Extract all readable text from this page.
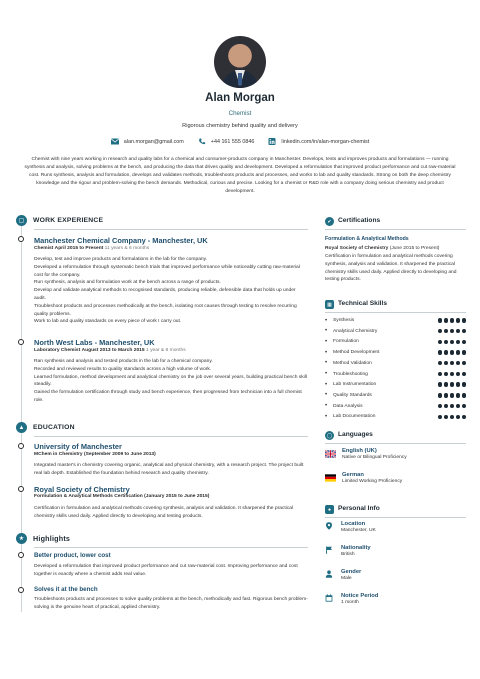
Alan Morgan
Chemist
Rigorous chemistry behind quality and delivery
alan.morgan@gmail.com	+44 161 555 0846	linkedin.com/in/alan-morgan-chemist
Chemist with nine years working in research and quality labs for a chemical and consumer-products company in Manchester. Develops, tests and improves products and formulations — running synthesis and analysis, solving problems at the bench, and producing the data that drives quality and development. Developed a reformulation that improved product performance and cut raw-material cost. Runs synthesis, analysis and formulation, develops and validates methods, troubleshoots products and processes, and works to lab and quality standards. Strong on both the deep chemistry knowledge and the rigour and problem-solving the bench demands. Methodical, curious and precise. Looking for a chemist or R&D role with a company doing serious chemistry and product development.
▢	WORK EXPERIENCE
Manchester Chemical Company - Manchester, UK
Chemist April 2015 to Present 11 years & 6 months
Develop, test and improve products and formulations in the lab for the company.
Developed a reformulation through systematic bench trials that improved performance while noticeably cutting raw-material cost for the company.
Run synthesis, analysis and formulation work at the bench across a range of products.
Develop and validate analytical methods to recognised standards, producing reliable, defensible data that holds up under audit.
Troubleshoot products and processes methodically at the bench, isolating root causes through testing to resolve recurring quality problems.
Work to lab and quality standards on every piece of work I carry out.
North West Labs - Manchester, UK
Laboratory Chemist August 2013 to March 2015 1 year & 8 months
Ran synthesis and analysis and tested products in the lab for a chemical company.
Recorded and reviewed results to quality standards across a high volume of work.
Learned formulation, method development and analytical chemistry on the job over several years, building practical bench skill steadily.
Gained the formulation certification through study and bench experience, then progressed from technician into a full chemist role.
▲	EDUCATION
University of Manchester
MChem in Chemistry (September 2009 to June 2013)
Integrated master's in chemistry covering organic, analytical and physical chemistry, with a research project. The project built real lab depth. Established the foundation behind research and quality chemistry.
Royal Society of Chemistry
Formulation & Analytical Methods Certification (January 2015 to June 2015)
Certification in formulation and analytical methods covering synthesis, analysis and validation. It sharpened the practical chemistry skills used daily. Applied directly to developing and testing products.
★	Highlights
Better product, lower cost
Developed a reformulation that improved product performance and cut raw-material cost. Improving performance and cost together is exactly where a chemist adds real value.
Solves it at the bench
Troubleshoots products and processes to solve quality problems at the bench, methodically and fast. Rigorous bench problem-solving is the genuine heart of practical, applied chemistry.
✔ Certifications
Formulation & Analytical Methods
Royal Society of Chemistry (June 2015 to Present)
Certification in formulation and analytical methods covering synthesis, analysis and validation. It sharpened the practical chemistry skills used daily. Applied directly to developing and testing products.
▦ Technical Skills
•	Synthesis
•	Analytical Chemistry
•	Formulation
•	Method Development
•	Method Validation
•	Troubleshooting
•	Lab Instrumentation
•	Quality Standards
•	Data Analysis
•	Lab Documentation
◯ Languages
English (UK)
Native or Bilingual Proficiency
German
Limited Working Proficiency
●	Personal Info
Location
Manchester, UK
Nationality
British
Gender
Male
Notice Period
1 month
